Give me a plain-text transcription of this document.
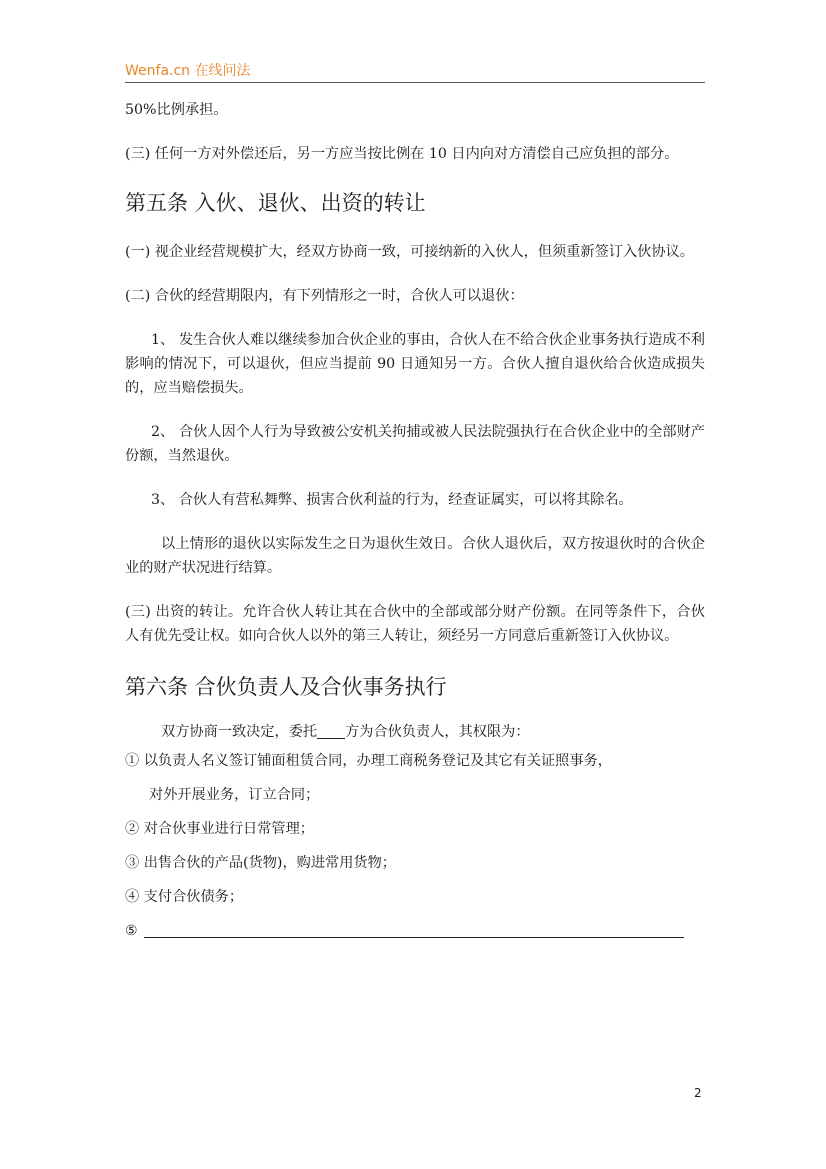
Wenfa.cn 在线问法

50%比例承担。

(三) 任何一方对外偿还后，另一方应当按比例在 10 日内向对方清偿自己应负担的部分。

第五条 入伙、退伙、出资的转让

(一) 视企业经营规模扩大，经双方协商一致，可接纳新的入伙人，但须重新签订入伙协议。

(二) 合伙的经营期限内，有下列情形之一时，合伙人可以退伙：

1、 发生合伙人难以继续参加合伙企业的事由，合伙人在不给合伙企业事务执行造成不利影响的情况下，可以退伙，但应当提前 90 日通知另一方。合伙人擅自退伙给合伙造成损失的，应当赔偿损失。

2、 合伙人因个人行为导致被公安机关拘捕或被人民法院强执行在合伙企业中的全部财产份额，当然退伙。

3、 合伙人有营私舞弊、损害合伙利益的行为，经查证属实，可以将其除名。

以上情形的退伙以实际发生之日为退伙生效日。合伙人退伙后，双方按退伙时的合伙企业的财产状况进行结算。

(三) 出资的转让。允许合伙人转让其在合伙中的全部或部分财产份额。在同等条件下，合伙人有优先受让权。如向合伙人以外的第三人转让，须经另一方同意后重新签订入伙协议。

第六条 合伙负责人及合伙事务执行

双方协商一致决定，委托 方为合伙负责人，其权限为：

① 以负责人名义签订铺面租赁合同，办理工商税务登记及其它有关证照事务，

对外开展业务，订立合同；

② 对合伙事业进行日常管理；

③ 出售合伙的产品(货物)，购进常用货物；

④ 支付合伙债务；

⑤

2
